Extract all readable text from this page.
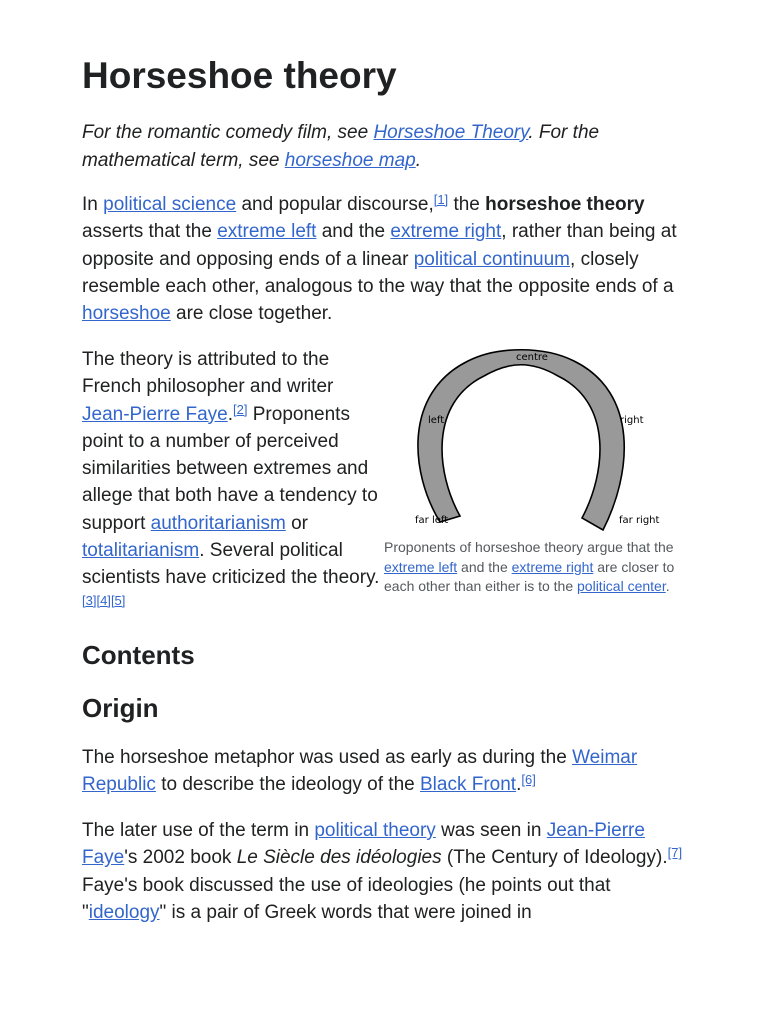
Horseshoe theory

For the romantic comedy film, see Horseshoe Theory. For the mathematical term, see horseshoe map.

In political science and popular discourse,[1] the horseshoe theory asserts that the extreme left and the extreme right, rather than being at opposite and opposing ends of a linear political continuum, closely resemble each other, analogous to the way that the opposite ends of a horseshoe are close together.

The theory is attributed to the French philosopher and writer Jean-Pierre Faye.[2] Proponents point to a number of perceived similarities between extremes and allege that both have a tendency to support authoritarianism or totalitarianism. Several political scientists have criticized the theory.[3][4][5]

centre
left	right
far left	far right
Proponents of horseshoe theory argue that the extreme left and the extreme right are closer to each other than either is to the political center.
Contents
Origin

The horseshoe metaphor was used as early as during the Weimar Republic to describe the ideology of the Black Front.[6]

The later use of the term in political theory was seen in Jean-Pierre Faye's 2002 book Le Siècle des idéologies (The Century of Ideology).[7] Faye's book discussed the use of ideologies (he points out that "ideology" is a pair of Greek words that were joined in
